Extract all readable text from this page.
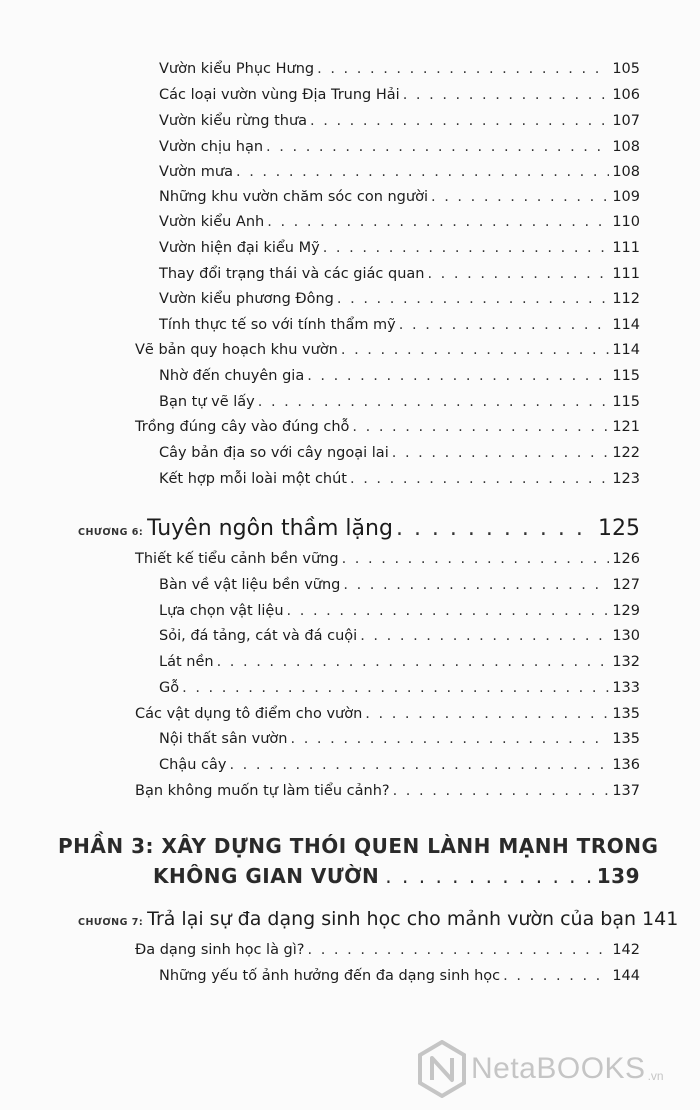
Vườn kiểu Phục Hưng . . .	105
Các loại vườn vùng Địa Trung Hải . . .	106
Vườn kiểu rừng thưa . . .	107
Vườn chịu hạn . . .	108
Vườn mưa . . .	108
Những khu vườn chăm sóc con người . . .	109
Vườn kiểu Anh . . .	110
Vườn hiện đại kiểu Mỹ . . .	111
Thay đổi trạng thái và các giác quan . . .	111
Vườn kiểu phương Đông . . .	112
Tính thực tế so với tính thẩm mỹ . . .	114
Vẽ bản quy hoạch khu vườn . . .	114
Nhờ đến chuyên gia . . .	115
Bạn tự vẽ lấy . . .	115
Trồng đúng cây vào đúng chỗ . . .	121
Cây bản địa so với cây ngoại lai . . .	122
Kết hợp mỗi loài một chút . . .	123
CHƯƠNG 6: Tuyên ngôn thầm lặng . . .	125
Thiết kế tiểu cảnh bền vững . . .	126
Bàn về vật liệu bền vững . . .	127
Lựa chọn vật liệu . . .	129
Sỏi, đá tảng, cát và đá cuội . . .	130
Lát nền . . .	132
Gỗ . . .	133
Các vật dụng tô điểm cho vườn . . .	135
Nội thất sân vườn . . .	135
Chậu cây . . .	136
Bạn không muốn tự làm tiểu cảnh? . . .	137
PHẦN 3: XÂY DỰNG THÓI QUEN LÀNH MẠNH TRONG
KHÔNG GIAN VƯỜN . . .	139
CHƯƠNG 7: Trả lại sự đa dạng sinh học cho mảnh vườn của bạn 141
Đa dạng sinh học là gì? . . .	142
Những yếu tố ảnh hưởng đến đa dạng sinh học . . .	144
NetaBOOKS .vn
